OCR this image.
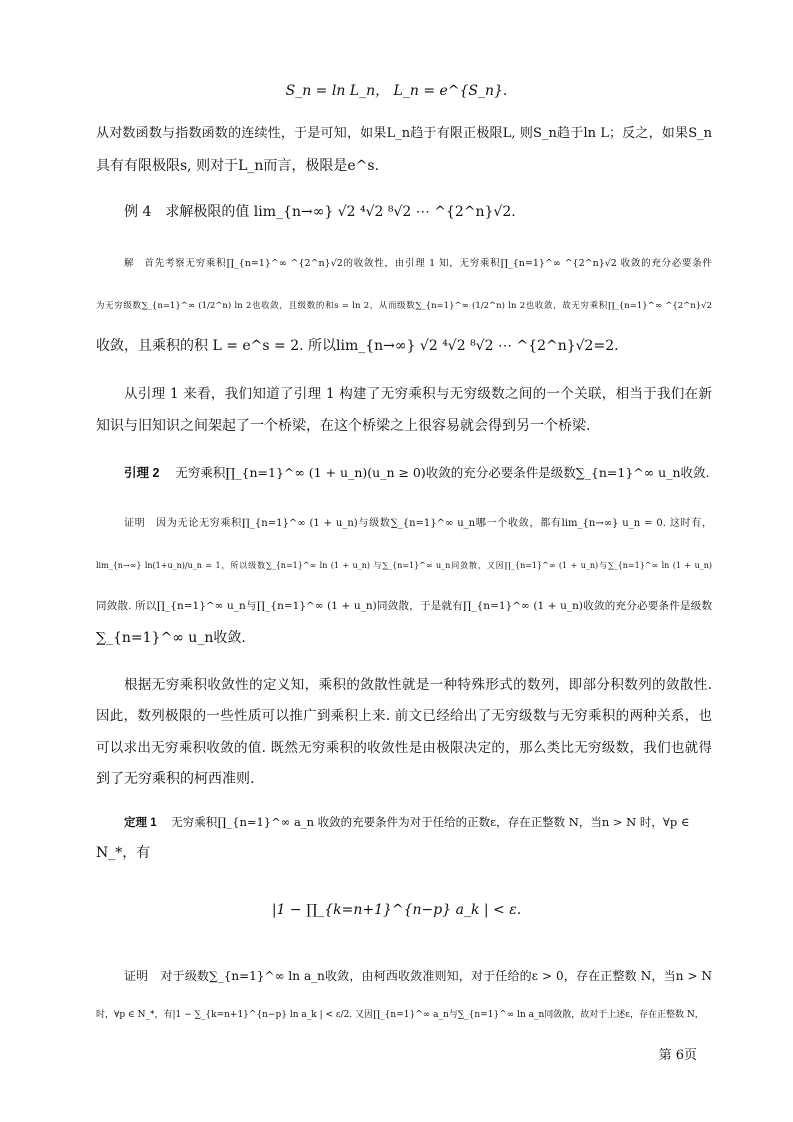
S_n = ln L_n， L_n = e^{S_n}.
从对数函数与指数函数的连续性，于是可知，如果L_n趋于有限正极限L, 则S_n趋于ln L；反之，如果S_n
具有有限极限s, 则对于L_n而言，极限是e^s.
例 4　求解极限的值 lim_{n→∞} √2 ⁴√2 ⁸√2 ⋯ ^{2^n}√2.
解　首先考察无穷乘积∏_{n=1}^∞ ^{2^n}√2的收敛性，由引理 1 知，无穷乘积∏_{n=1}^∞ ^{2^n}√2 收敛的充分必要条件
为无穷级数∑_{n=1}^∞ (1/2^n) ln 2也收敛，且级数的和s = ln 2，从而级数∑_{n=1}^∞ (1/2^n) ln 2也收敛，故无穷乘积∏_{n=1}^∞ ^{2^n}√2
收敛，且乘积的积 L = e^s = 2. 所以lim_{n→∞} √2 ⁴√2 ⁸√2 ⋯ ^{2^n}√2=2.
从引理 1 来看，我们知道了引理 1 构建了无穷乘积与无穷级数之间的一个关联，相当于我们在新
知识与旧知识之间架起了一个桥梁，在这个桥梁之上很容易就会得到另一个桥梁.
引理 2 无穷乘积∏_{n=1}^∞ (1 + u_n)(u_n ≥ 0)收敛的充分必要条件是级数∑_{n=1}^∞ u_n收敛.
证明　因为无论无穷乘积∏_{n=1}^∞ (1 + u_n)与级数∑_{n=1}^∞ u_n哪一个收敛，都有lim_{n→∞} u_n = 0. 这时有，
lim_{n→∞} ln(1+u_n)/u_n = 1，所以级数∑_{n=1}^∞ ln (1 + u_n) 与∑_{n=1}^∞ u_n同敛散，又因∏_{n=1}^∞ (1 + u_n)与∑_{n=1}^∞ ln (1 + u_n)
同敛散. 所以∏_{n=1}^∞ u_n与∏_{n=1}^∞ (1 + u_n)同敛散，于是就有∏_{n=1}^∞ (1 + u_n)收敛的充分必要条件是级数
∑_{n=1}^∞ u_n收敛.
根据无穷乘积收敛性的定义知，乘积的敛散性就是一种特殊形式的数列，即部分积数列的敛散性.
因此，数列极限的一些性质可以推广到乘积上来. 前文已经给出了无穷级数与无穷乘积的两种关系，也
可以求出无穷乘积收敛的值. 既然无穷乘积的收敛性是由极限决定的，那么类比无穷级数，我们也就得
到了无穷乘积的柯西准则.
定理 1 无穷乘积∏_{n=1}^∞ a_n 收敛的充要条件为对于任给的正数ε，存在正整数 N，当n > N 时，∀p ∈
N_*，有
|1 − ∏_{k=n+1}^{n−p} a_k | < ε.
证明　对于级数∑_{n=1}^∞ ln a_n收敛，由柯西收敛准则知，对于任给的ε > 0，存在正整数 N，当n > N
时，∀p ∈ N_*，有|1 − ∑_{k=n+1}^{n−p} ln a_k | < ε/2. 又因∏_{n=1}^∞ a_n与∑_{n=1}^∞ ln a_n同敛散，故对于上述ε，存在正整数 N，
第 6页
